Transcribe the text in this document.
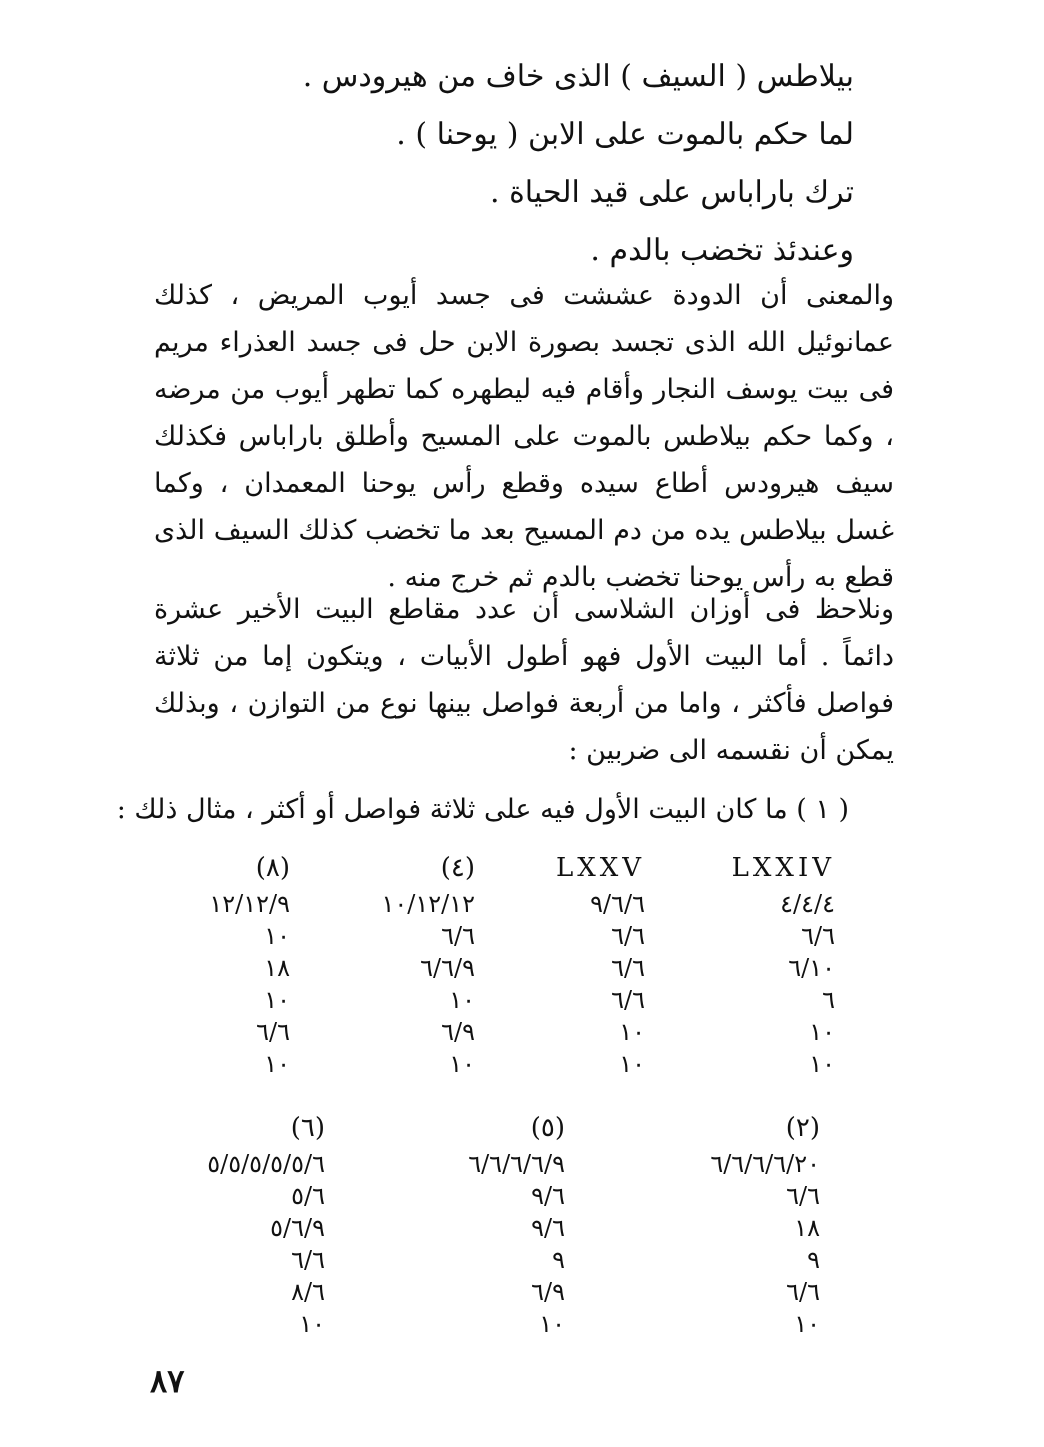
بيلاطس ( السيف ) الذى خاف من هيرودس .
لما حكم بالموت على الابن ( يوحنا ) .
ترك باراباس على قيد الحياة .
وعندئذ تخضب بالدم .

والمعنى أن الدودة عششت فى جسد أيوب المريض ، كذلك عمانوئيل الله الذى تجسد بصورة الابن حل فى جسد العذراء مريم فى بيت يوسف النجار وأقام فيه ليطهره كما تطهر أيوب من مرضه ، وكما حكم بيلاطس بالموت على المسيح وأطلق باراباس فكذلك سيف هيرودس أطاع سيده وقطع رأس يوحنا المعمدان ، وكما غسل بيلاطس يده من دم المسيح بعد ما تخضب كذلك السيف الذى قطع به رأس يوحنا تخضب بالدم ثم خرج منه .

ونلاحظ فى أوزان الشلاسى أن عدد مقاطع البيت الأخير عشرة دائماً . أما البيت الأول فهو أطول الأبيات ، ويتكون إما من ثلاثة فواصل فأكثر ، واما من أربعة فواصل بينها نوع من التوازن ، وبذلك يمكن أن نقسمه الى ضربين :

( ١ ) ما كان البيت الأول فيه على ثلاثة فواصل أو أكثر ، مثال ذلك :

LXXIV
٤/٤/٤
٦/٦
٦/١٠
٦
١٠
١٠
LXXV
٩/٦/٦
٦/٦
٦/٦
٦/٦
١٠
١٠
(٤)
١٠/١٢/١٢
٦/٦
٦/٦/٩
١٠
٦/٩
١٠
(٨)
١٢/١٢/٩
١٠
١٨
١٠
٦/٦
١٠
(٢)
٦/٦/٦/٦/٢٠
٦/٦
١٨
٩
٦/٦
١٠
(٥)
٦/٦/٦/٦/٩
٩/٦
٩/٦
٩
٦/٩
١٠
(٦)
٥/٥/٥/٥/٥/٦
٥/٦
٥/٦/٩
٦/٦
٨/٦
١٠

٨٧
